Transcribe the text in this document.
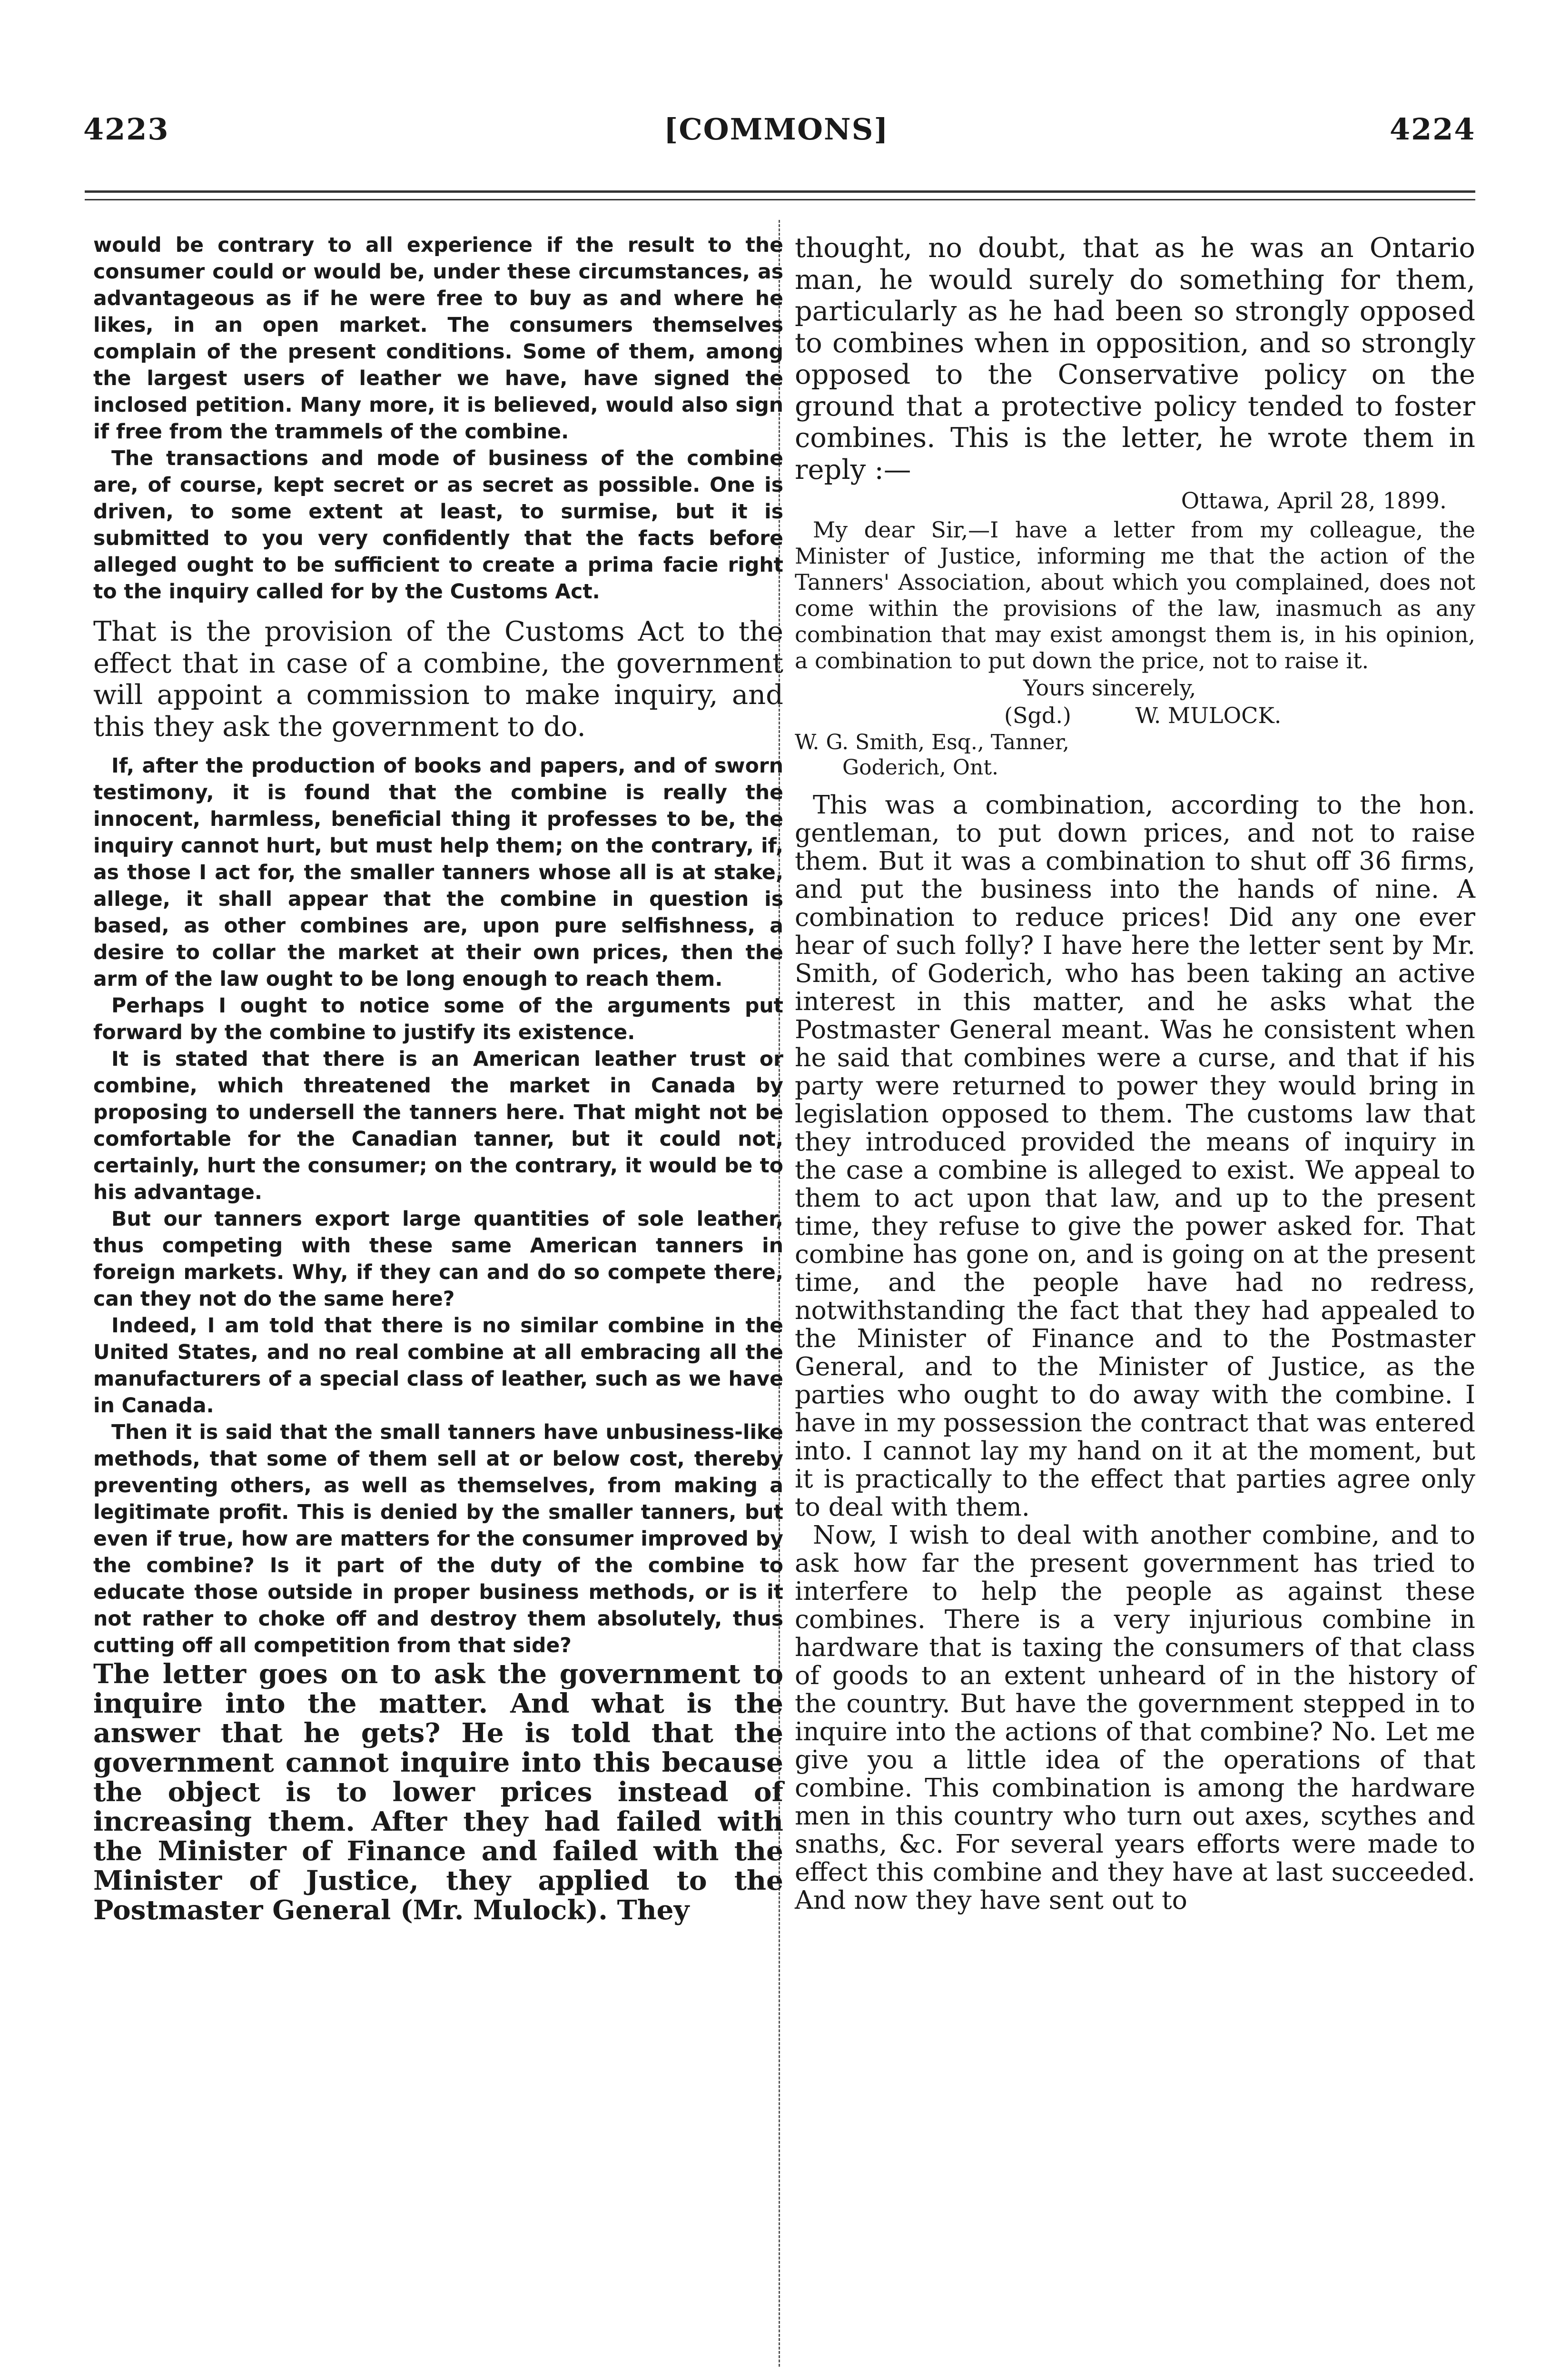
4223	[COMMONS]	4224

would be contrary to all experience if the result to the consumer could or would be, under these circumstances, as advantageous as if he were free to buy as and where he likes, in an open market. The consumers themselves complain of the present conditions. Some of them, among the largest users of leather we have, have signed the inclosed petition. Many more, it is believed, would also sign if free from the trammels of the combine.

The transactions and mode of business of the combine are, of course, kept secret or as secret as possible. One is driven, to some extent at least, to surmise, but it is submitted to you very confidently that the facts before alleged ought to be sufficient to create a prima facie right to the inquiry called for by the Customs Act.

That is the provision of the Customs Act to the effect that in case of a combine, the government will appoint a commission to make inquiry, and this they ask the government to do.

If, after the production of books and papers, and of sworn testimony, it is found that the combine is really the innocent, harmless, beneficial thing it professes to be, the inquiry cannot hurt, but must help them; on the contrary, if, as those I act for, the smaller tanners whose all is at stake, allege, it shall appear that the combine in question is based, as other combines are, upon pure selfishness, a desire to collar the market at their own prices, then the arm of the law ought to be long enough to reach them.

Perhaps I ought to notice some of the arguments put forward by the combine to justify its existence.

It is stated that there is an American leather trust or combine, which threatened the market in Canada by proposing to undersell the tanners here. That might not be comfortable for the Canadian tanner, but it could not, certainly, hurt the consumer; on the contrary, it would be to his advantage.

But our tanners export large quantities of sole leather, thus competing with these same American tanners in foreign markets. Why, if they can and do so compete there, can they not do the same here?

Indeed, I am told that there is no similar combine in the United States, and no real combine at all embracing all the manufacturers of a special class of leather, such as we have in Canada.

Then it is said that the small tanners have unbusiness-like methods, that some of them sell at or below cost, thereby preventing others, as well as themselves, from making a legitimate profit. This is denied by the smaller tanners, but even if true, how are matters for the consumer improved by the combine? Is it part of the duty of the combine to educate those outside in proper business methods, or is it not rather to choke off and destroy them absolutely, thus cutting off all competition from that side?

The letter goes on to ask the government to inquire into the matter. And what is the answer that he gets? He is told that the government cannot inquire into this because the object is to lower prices instead of increasing them. After they had failed with the Minister of Finance and failed with the Minister of Justice, they applied to the Postmaster General (Mr. Mulock). They

thought, no doubt, that as he was an Ontario man, he would surely do something for them, particularly as he had been so strongly opposed to combines when in opposition, and so strongly opposed to the Conservative policy on the ground that a protective policy tended to foster combines. This is the letter, he wrote them in reply :—

Ottawa, April 28, 1899.

My dear Sir,—I have a letter from my colleague, the Minister of Justice, informing me that the action of the Tanners' Association, about which you complained, does not come within the provisions of the law, inasmuch as any combination that may exist amongst them is, in his opinion, a combination to put down the price, not to raise it.

Yours sincerely,

(Sgd.)	W. MULOCK.

W. G. Smith, Esq., Tanner,

Goderich, Ont.

This was a combination, according to the hon. gentleman, to put down prices, and not to raise them. But it was a combination to shut off 36 firms, and put the business into the hands of nine. A combination to reduce prices! Did any one ever hear of such folly? I have here the letter sent by Mr. Smith, of Goderich, who has been taking an active interest in this matter, and he asks what the Postmaster General meant. Was he consistent when he said that combines were a curse, and that if his party were returned to power they would bring in legislation opposed to them. The customs law that they introduced provided the means of inquiry in the case a combine is alleged to exist. We appeal to them to act upon that law, and up to the present time, they refuse to give the power asked for. That combine has gone on, and is going on at the present time, and the people have had no redress, notwithstanding the fact that they had appealed to the Minister of Finance and to the Postmaster General, and to the Minister of Justice, as the parties who ought to do away with the combine. I have in my possession the contract that was entered into. I cannot lay my hand on it at the moment, but it is practically to the effect that parties agree only to deal with them.

Now, I wish to deal with another combine, and to ask how far the present government has tried to interfere to help the people as against these combines. There is a very injurious combine in hardware that is taxing the consumers of that class of goods to an extent unheard of in the history of the country. But have the government stepped in to inquire into the actions of that combine? No. Let me give you a little idea of the operations of that combine. This combination is among the hardware men in this country who turn out axes, scythes and snaths, &c. For several years efforts were made to effect this combine and they have at last succeeded. And now they have sent out to
